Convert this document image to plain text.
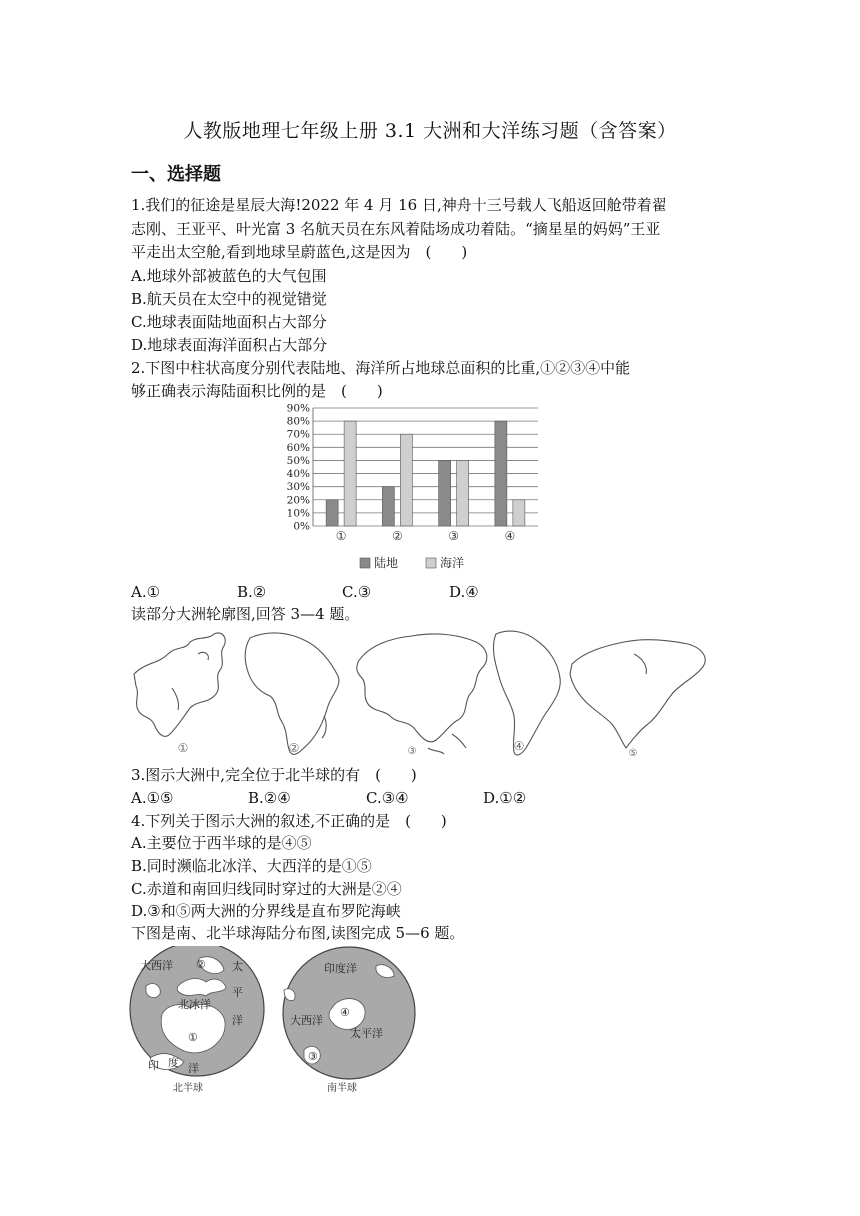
人教版地理七年级上册 3.1 大洲和大洋练习题（含答案）
一、选择题
1.我们的征途是星辰大海!2022 年 4 月 16 日,神舟十三号载人飞船返回舱带着翟
志刚、王亚平、叶光富 3 名航天员在东风着陆场成功着陆。“摘星星的妈妈”王亚
平走出太空舱,看到地球呈蔚蓝色,这是因为　(　　)
A.地球外部被蓝色的大气包围
B.航天员在太空中的视觉错觉
C.地球表面陆地面积占大部分
D.地球表面海洋面积占大部分
2.下图中柱状高度分别代表陆地、海洋所占地球总面积的比重,①②③④中能
够正确表示海陆面积比例的是　(　　)
0%
10%
20%
30%
40%
50%
60%
70%
80%
90%
①	②	③	④
陆地	海洋
A.①	B.②	C.③	D.④
读部分大洲轮廓图,回答 3—4 题。
①	②	③	④
⑤
3.图示大洲中,完全位于北半球的有　(　　)
A.①⑤	B.②④	C.③④	D.①②
4.下列关于图示大洲的叙述,不正确的是　(　　)
A.主要位于西半球的是④⑤
B.同时濒临北冰洋、大西洋的是①⑤
C.赤道和南回归线同时穿过的大洲是②④
D.③和⑤两大洲的分界线是直布罗陀海峡
下图是南、北半球海陆分布图,读图完成 5—6 题。
大西洋
北冰洋
印 度 洋
太
平
洋
②
①
北半球
印度洋
大西洋
太平洋
④
③
南半球
